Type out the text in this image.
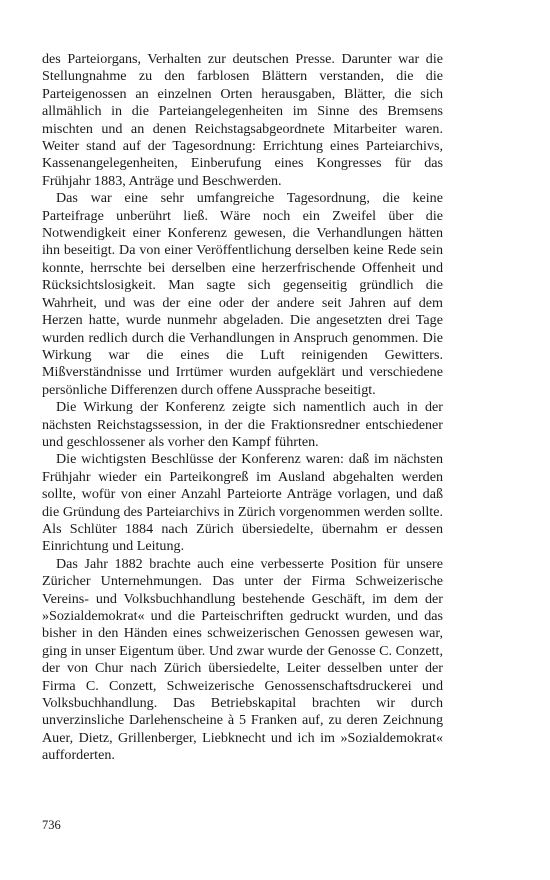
des Parteiorgans, Verhalten zur deutschen Presse. Darunter war die Stellungnahme zu den farblosen Blättern verstanden, die die Parteigenossen an einzelnen Orten herausgaben, Blätter, die sich allmählich in die Parteiangelegenheiten im Sinne des Bremsens mischten und an denen Reichstagsabgeordnete Mitarbeiter waren. Weiter stand auf der Tagesordnung: Errichtung eines Parteiarchivs, Kassenangelegenheiten, Einberufung eines Kongresses für das Frühjahr 1883, Anträge und Beschwerden.

Das war eine sehr umfangreiche Tagesordnung, die keine Parteifrage unberührt ließ. Wäre noch ein Zweifel über die Notwendigkeit einer Konferenz gewesen, die Verhandlungen hätten ihn beseitigt. Da von einer Veröffentlichung derselben keine Rede sein konnte, herrschte bei derselben eine herzerfrischende Offenheit und Rücksichtslosigkeit. Man sagte sich gegenseitig gründlich die Wahrheit, und was der eine oder der andere seit Jahren auf dem Herzen hatte, wurde nunmehr abgeladen. Die angesetzten drei Tage wurden redlich durch die Verhandlungen in Anspruch genommen. Die Wirkung war die eines die Luft reinigenden Gewitters. Mißverständnisse und Irrtümer wurden aufgeklärt und verschiedene persönliche Differenzen durch offene Aussprache beseitigt.

Die Wirkung der Konferenz zeigte sich namentlich auch in der nächsten Reichstagssession, in der die Fraktionsredner entschiedener und geschlossener als vorher den Kampf führten.

Die wichtigsten Beschlüsse der Konferenz waren: daß im nächsten Frühjahr wieder ein Parteikongreß im Ausland abgehalten werden sollte, wofür von einer Anzahl Parteiorte Anträge vorlagen, und daß die Gründung des Parteiarchivs in Zürich vorgenommen werden sollte. Als Schlüter 1884 nach Zürich übersiedelte, übernahm er dessen Einrichtung und Leitung.

Das Jahr 1882 brachte auch eine verbesserte Position für unsere Züricher Unternehmungen. Das unter der Firma Schweizerische Vereins- und Volksbuchhandlung bestehende Geschäft, im dem der »Sozialdemokrat« und die Parteischriften gedruckt wurden, und das bisher in den Händen eines schweizerischen Genossen gewesen war, ging in unser Eigentum über. Und zwar wurde der Genosse C. Conzett, der von Chur nach Zürich übersiedelte, Leiter desselben unter der Firma C. Conzett, Schweizerische Genossenschaftsdruckerei und Volksbuchhandlung. Das Betriebskapital brachten wir durch unverzinsliche Darlehenscheine à 5 Franken auf, zu deren Zeichnung Auer, Dietz, Grillenberger, Liebknecht und ich im »Sozialdemokrat« aufforderten.

736
